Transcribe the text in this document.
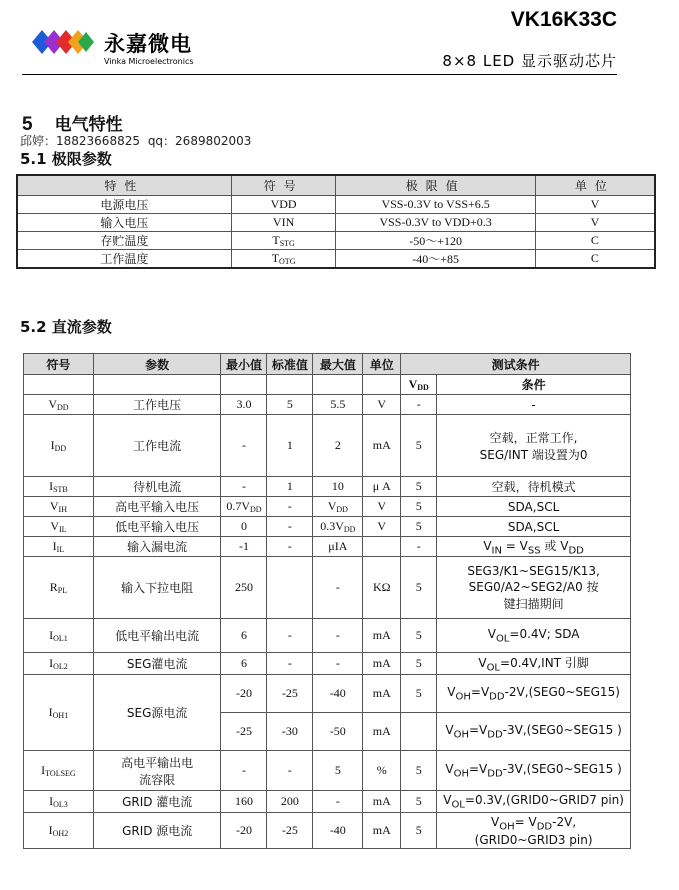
永嘉微电
Vinka Microelectronics
VK16K33C
8×8 LED 显示驱动芯片
5 电气特性
邱婷：18823668825 qq：2689802003
5.1 极限参数
特性	符号	极限值	单位
电源电压	VDD	VSS-0.3V to VSS+6.5	V
输入电压	VIN	VSS-0.3V to VDD+0.3	V
存贮温度	$T_{STG}$	-50～+120	C
工作温度	$T_{OTG}$	-40～+85	C
5.2 直流参数
符号	参数	最小值	标准值	最大值	单位	测试条件	
						$V_{DD}$	条件
$V_{DD}$	工作电压	3.0	5	5.5	V	-	-

$I_{DD}$	工作电流	-	1	2	mA	5	空载，正常工作,
SEG/INT 端设置为0

$I_{STB}$	待机电流	-	1	10	μ A	5	空载，待机模式

$V_{IH}$	高电平输入电压	$0.7V_{DD}$	-	$V_{DD}$	V	5	SDA,SCL

$V_{IL}$	低电平输入电压	0	-	$0.3V_{DD}$	V	5	SDA,SCL

$I_{IL}$	输入漏电流	-1	-	μIA		-	$V_{IN} = V_{SS}$ 或 $V_{DD}$

$R_{PL}$	输入下拉电阻	250		-	KΩ	5	SEG3/K1~SEG15/K13,
SEG0/A2~SEG2/A0 按
键扫描期间

$I_{OL1}$	低电平输出电流	6	-	-	mA	5	$V_{OL}=0.4V$; SDA

$I_{OL2}$	SEG灌电流	6	-	-	mA	5	$V_{OL}=0.4V,INT$ 引脚

$I_{OH1}$	SEG源电流	-20	-25	-40	mA	5	$V_{OH}=V_{DD}-2V,(SEG0\sim SEG15)$

		-25	-30	-50	mA		$V_{OH}=V_{DD}-3V,(SEG0\sim SEG15$ )

$I_{TOLSEG}$	高电平输出电
流容限	-	-	5	%	5	$V_{OH}=V_{DD}-3V,(SEG0\sim SEG15$ )

$I_{OL3}$	GRID 灌电流	160	200	-	mA	5	$V_{OL}=0.3V,(GRID0\sim GRID7$ pin)

$I_{OH2}$	GRID 源电流	-20	-25	-40	mA	5	$V_{OH}= V_{DD}-2V$,
(GRID0~GRID3 pin)
